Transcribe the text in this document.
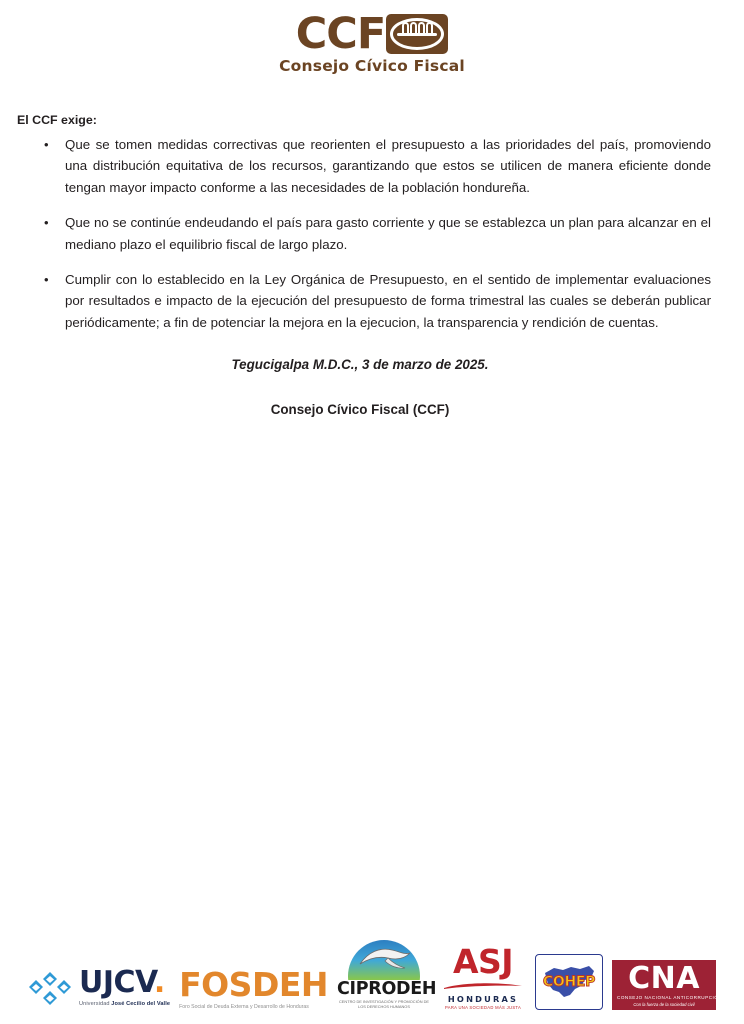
CCF
Consejo Cívico Fiscal

El CCF exige:

• Que se tomen medidas correctivas que reorienten el presupuesto a las prioridades del país, promoviendo una distribución equitativa de los recursos, garantizando que estos se utilicen de manera eficiente donde tengan mayor impacto conforme a las necesidades de la población hondureña.
• Que no se continúe endeudando el país para gasto corriente y que se establezca un plan para alcanzar en el mediano plazo el equilibrio fiscal de largo plazo.
• Cumplir con lo establecido en la Ley Orgánica de Presupuesto, en el sentido de implementar evaluaciones por resultados e impacto de la ejecución del presupuesto de forma trimestral las cuales se deberán publicar periódicamente; a fin de potenciar la mejora en la ejecucion, la transparencia y rendición de cuentas.

Tegucigalpa M.D.C., 3 de marzo de 2025.

Consejo Cívico Fiscal (CCF)

UJCV.
Universidad José Cecilio del Valle
FOSDEH
Foro Social de Deuda Externa y Desarrollo de Honduras
CIPRODEH
CENTRO DE INVESTIGACIÓN Y PROMOCIÓN DE LOS DERECHOS HUMANOS
ASJ
HONDURAS
PARA UNA SOCIEDAD MÁS JUSTA
COHEP	CNA
CONSEJO NACIONAL ANTICORRUPCIÓN
Con la fuerza de la sociedad civil
